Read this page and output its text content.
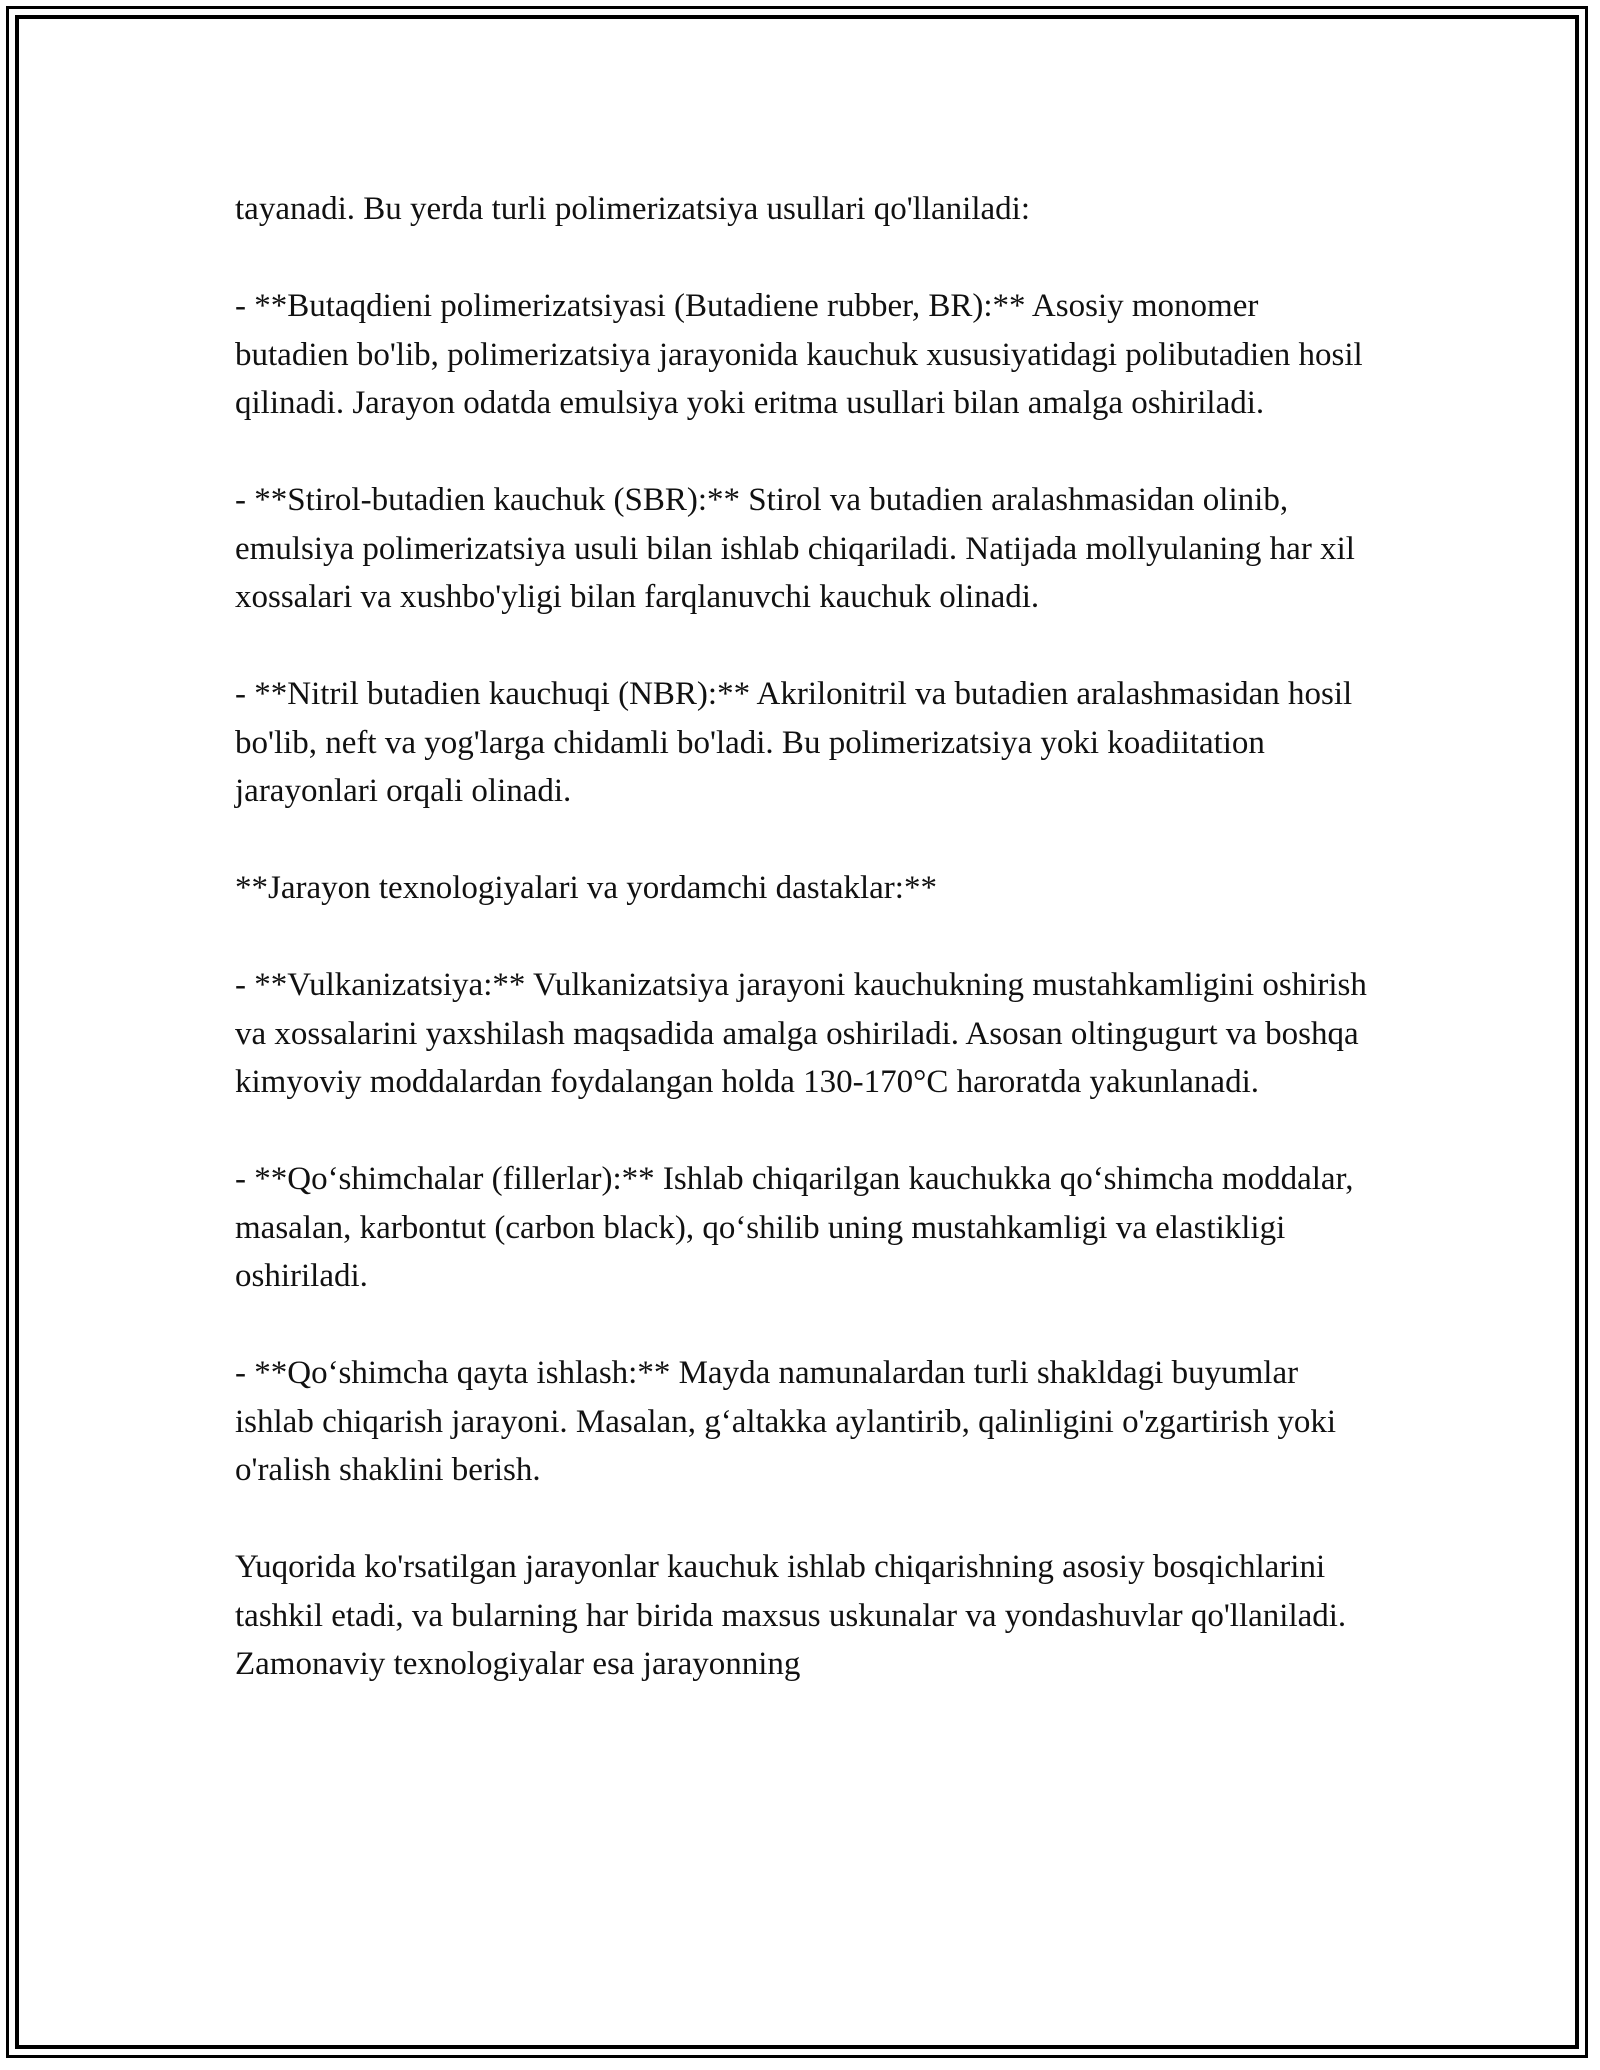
tayanadi. Bu yerda turli polimerizatsiya usullari qo'llaniladi:

- **Butaqdieni polimerizatsiyasi (Butadiene rubber, BR):** Asosiy monomer butadien bo'lib, polimerizatsiya jarayonida kauchuk xususiyatidagi polibutadien hosil qilinadi. Jarayon odatda emulsiya yoki eritma usullari bilan amalga oshiriladi.

- **Stirol-butadien kauchuk (SBR):** Stirol va butadien aralashmasidan olinib, emulsiya polimerizatsiya usuli bilan ishlab chiqariladi. Natijada mollyulaning har xil xossalari va xushbo'yligi bilan farqlanuvchi kauchuk olinadi.

- **Nitril butadien kauchuqi (NBR):** Akrilonitril va butadien aralashmasidan hosil bo'lib, neft va yog'larga chidamli bo'ladi. Bu polimerizatsiya yoki koadiitation jarayonlari orqali olinadi.

**Jarayon texnologiyalari va yordamchi dastaklar:**

- **Vulkanizatsiya:** Vulkanizatsiya jarayoni kauchukning mustahkamligini oshirish va xossalarini yaxshilash maqsadida amalga oshiriladi. Asosan oltingugurt va boshqa kimyoviy moddalardan foydalangan holda 130-170°C haroratda yakunlanadi.

- **Qo‘shimchalar (fillerlar):** Ishlab chiqarilgan kauchukka qo‘shimcha moddalar, masalan, karbontut (carbon black), qo‘shilib uning mustahkamligi va elastikligi oshiriladi.

- **Qo‘shimcha qayta ishlash:** Mayda namunalardan turli shakldagi buyumlar ishlab chiqarish jarayoni. Masalan, g‘altakka aylantirib, qalinligini o'zgartirish yoki o'ralish shaklini berish.

Yuqorida ko'rsatilgan jarayonlar kauchuk ishlab chiqarishning asosiy bosqichlarini tashkil etadi, va bularning har birida maxsus uskunalar va yondashuvlar qo'llaniladi. Zamonaviy texnologiyalar esa jarayonning
